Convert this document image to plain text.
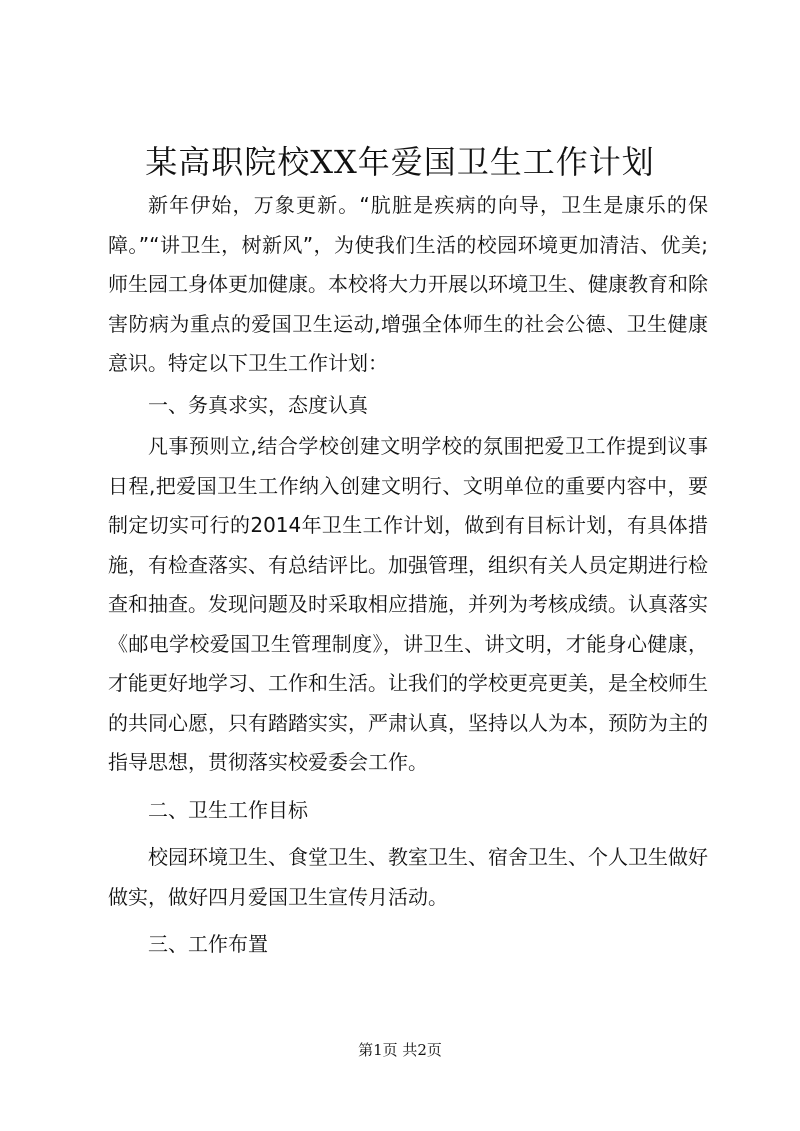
某高职院校XX年爱国卫生工作计划

新年伊始，万象更新。“肮脏是疾病的向导，卫生是康乐的保障。”“讲卫生，树新风”，为使我们生活的校园环境更加清洁、优美;师生园工身体更加健康。本校将大力开展以环境卫生、健康教育和除害防病为重点的爱国卫生运动,增强全体师生的社会公德、卫生健康意识。特定以下卫生工作计划：

一、务真求实，态度认真

凡事预则立,结合学校创建文明学校的氛围把爱卫工作提到议事日程,把爱国卫生工作纳入创建文明行、文明单位的重要内容中，要制定切实可行的2014年卫生工作计划，做到有目标计划，有具体措施，有检查落实、有总结评比。加强管理，组织有关人员定期进行检查和抽查。发现问题及时采取相应措施，并列为考核成绩。认真落实《邮电学校爱国卫生管理制度》，讲卫生、讲文明，才能身心健康，才能更好地学习、工作和生活。让我们的学校更亮更美，是全校师生的共同心愿，只有踏踏实实，严肃认真，坚持以人为本，预防为主的指导思想，贯彻落实校爱委会工作。

二、卫生工作目标

校园环境卫生、食堂卫生、教室卫生、宿舍卫生、个人卫生做好做实，做好四月爱国卫生宣传月活动。

三、工作布置

第1页 共2页
